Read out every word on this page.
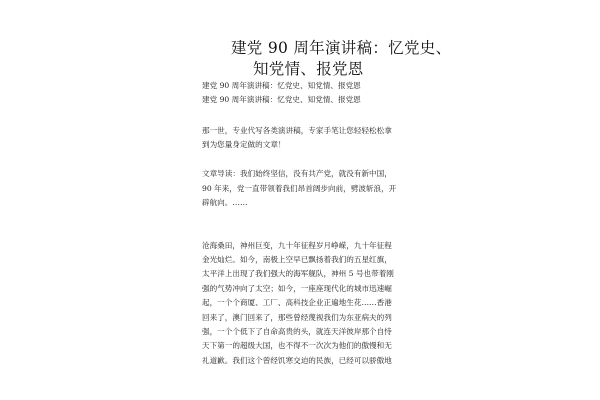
建党 90 周年演讲稿：忆党史、
知党情、报党恩

建党 90 周年演讲稿：忆党史、知党情、报党恩

建党 90 周年演讲稿：忆党史、知党情、报党恩

那一世，专业代写各类演讲稿，专家手笔让您轻轻松松拿

到为您量身定做的文章！

文章导读：我们始终坚信，没有共产党，就没有新中国，

90 年来，党一直带领着我们昂首阔步向前，劈波斩浪，开

辟航向。……

沧海桑田，神州巨变，九十年征程岁月峥嵘，九十年征程

金光灿烂。如今，南极上空早已飘扬着我们的五星红旗，

太平洋上出现了我们强大的海军舰队，神州 5 号也带着刚

强的气势冲向了太空；如今，一座座现代化的城市迅速崛

起，一个个商厦、工厂、高科技企业正遍地生花……香港

回来了，澳门回来了，那些曾经蔑视我们为东亚病夫的列

强，一个个低下了自命高贵的头，就连天洋彼岸那个自恃

天下第一的超级大国，也不得不一次次为他们的傲慢和无

礼道歉。我们这个曾经饥寒交迫的民族，已经可以骄傲地
